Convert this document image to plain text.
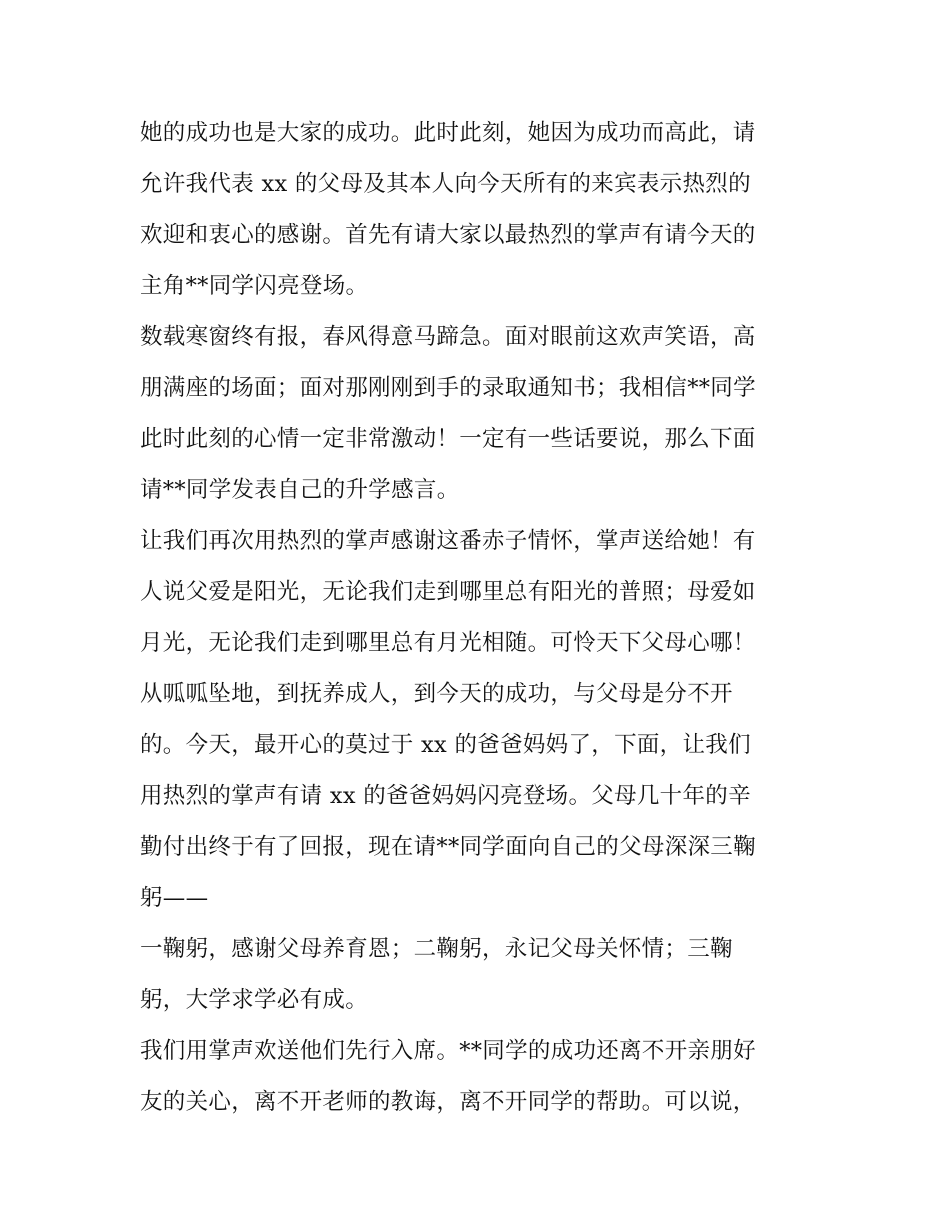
她的成功也是大家的成功。此时此刻，她因为成功而高此，请
允许我代表 xx 的父母及其本人向今天所有的来宾表示热烈的
欢迎和衷心的感谢。首先有请大家以最热烈的掌声有请今天的
主角**同学闪亮登场。
数载寒窗终有报，春风得意马蹄急。面对眼前这欢声笑语，高
朋满座的场面；面对那刚刚到手的录取通知书；我相信**同学
此时此刻的心情一定非常激动！一定有一些话要说，那么下面
请**同学发表自己的升学感言。
让我们再次用热烈的掌声感谢这番赤子情怀，掌声送给她！有
人说父爱是阳光，无论我们走到哪里总有阳光的普照；母爱如
月光，无论我们走到哪里总有月光相随。可怜天下父母心哪！
从呱呱坠地，到抚养成人，到今天的成功，与父母是分不开
的。今天，最开心的莫过于 xx 的爸爸妈妈了，下面，让我们
用热烈的掌声有请 xx 的爸爸妈妈闪亮登场。父母几十年的辛
勤付出终于有了回报，现在请**同学面向自己的父母深深三鞠
躬——
一鞠躬，感谢父母养育恩；二鞠躬，永记父母关怀情；三鞠
躬，大学求学必有成。
我们用掌声欢送他们先行入席。**同学的成功还离不开亲朋好
友的关心，离不开老师的教诲，离不开同学的帮助。可以说，
